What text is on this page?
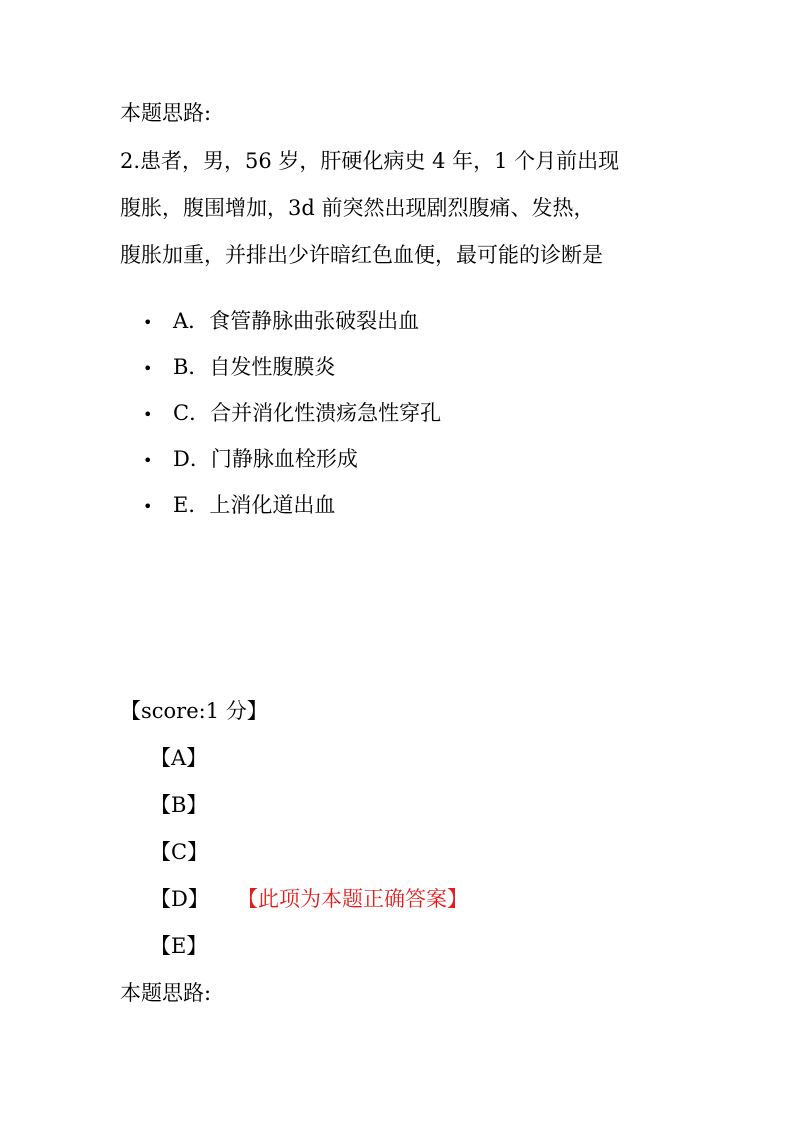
本题思路:
2.患者，男，56 岁，肝硬化病史 4 年，1 个月前出现
腹胀，腹围增加，3d 前突然出现剧烈腹痛、发热，
腹胀加重，并排出少许暗红色血便，最可能的诊断是
• A．食管静脉曲张破裂出血
• B．自发性腹膜炎
• C．合并消化性溃疡急性穿孔
• D．门静脉血栓形成
• E．上消化道出血
【score:1 分】
【A】
【B】
【C】
【D】 【此项为本题正确答案】
【E】
本题思路:
